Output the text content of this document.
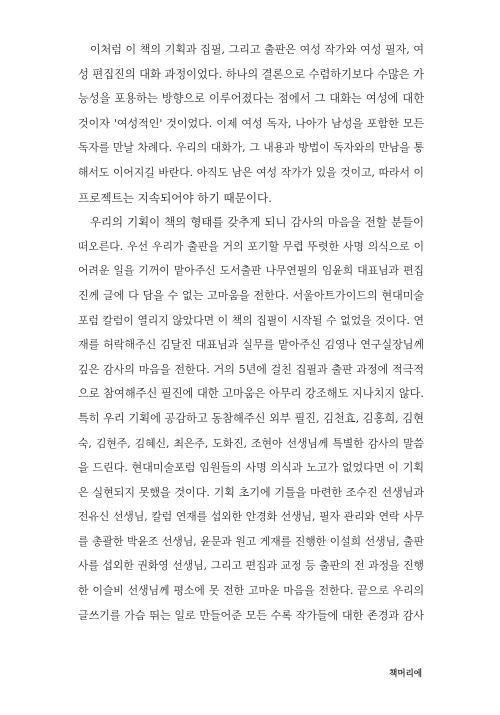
이처럼 이 책의 기획과 집필, 그리고 출판은 여성 작가와 여성 필자, 여
성 편집진의 대화 과정이었다. 하나의 결론으로 수렴하기보다 수많은 가
능성을 포용하는 방향으로 이루어졌다는 점에서 그 대화는 여성에 대한
것이자 '여성적인' 것이었다. 이제 여성 독자, 나아가 남성을 포함한 모든
독자를 만날 차례다. 우리의 대화가, 그 내용과 방법이 독자와의 만남을 통
해서도 이어지길 바란다. 아직도 남은 여성 작가가 있을 것이고, 따라서 이
프로젝트는 지속되어야 하기 때문이다.
우리의 기획이 책의 형태를 갖추게 되니 감사의 마음을 전할 분들이
떠오른다. 우선 우리가 출판을 거의 포기할 무렵 뚜렷한 사명 의식으로 이
어려운 일을 기꺼이 맡아주신 도서출판 나무연필의 임윤희 대표님과 편집
진께 글에 다 담을 수 없는 고마움을 전한다. 서울아트가이드의 현대미술
포럼 칼럼이 열리지 않았다면 이 책의 집필이 시작될 수 없었을 것이다. 연
재를 허락해주신 김달진 대표님과 실무를 맡아주신 김영나 연구실장님께
깊은 감사의 마음을 전한다. 거의 5년에 걸친 집필과 출판 과정에 적극적
으로 참여해주신 필진에 대한 고마움은 아무리 강조해도 지나치지 않다.
특히 우리 기획에 공감하고 동참해주신 외부 필진, 김천효, 김홍희, 김현
숙, 김현주, 김혜신, 최은주, 도화진, 조현아 선생님께 특별한 감사의 말씀
을 드린다. 현대미술포럼 임원들의 사명 의식과 노고가 없었다면 이 기획
은 실현되지 못했을 것이다. 기획 초기에 기틀을 마련한 조수진 선생님과
전유신 선생님, 칼럼 연재를 섭외한 안경화 선생님, 필자 관리와 연락 사무
를 총괄한 박윤조 선생님, 윤문과 원고 게재를 진행한 이설희 선생님, 출판
사를 섭외한 권화영 선생님, 그리고 편집과 교정 등 출판의 전 과정을 진행
한 이슬비 선생님께 평소에 못 전한 고마운 마음을 전한다. 끝으로 우리의
글쓰기를 가슴 뛰는 일로 만들어준 모든 수록 작가들에 대한 존경과 감사
책머리에
